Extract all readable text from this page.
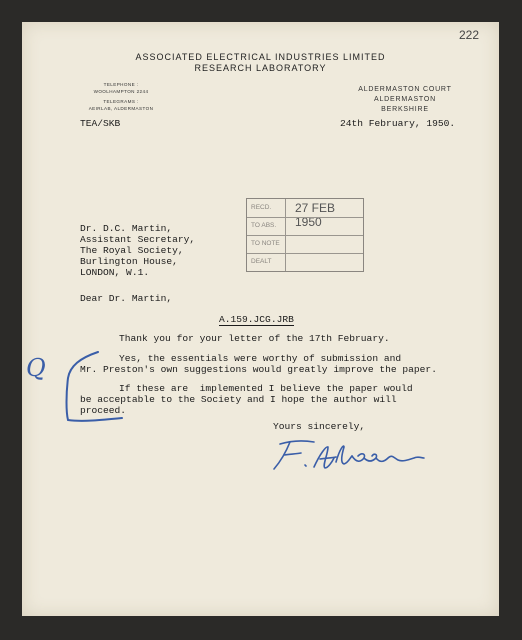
222
ASSOCIATED ELECTRICAL INDUSTRIES LIMITED
RESEARCH LABORATORY
TELEPHONE :
WOOLHAMPTON 2244
TELEGRAMS :
AEIRLAB, ALDERMASTON
ALDERMASTON COURT
ALDERMASTON
BERKSHIRE
TEA/SKB	24th February, 1950.
RECD. 27 FEB 1950
TO ABS.
TO NOTE
DEALT
Dr. D.C. Martin,
Assistant Secretary,
The Royal Society,
Burlington House,
LONDON, W.1.
Dear Dr. Martin,
A.159.JCG.JRB
Thank you for your letter of the 17th February.
Yes, the essentials were worthy of submission and
Mr. Preston's own suggestions would greatly improve the paper.
If these are  implemented I believe the paper would
be acceptable to the Society and I hope the author will
proceed.
Yours sincerely,
Q
